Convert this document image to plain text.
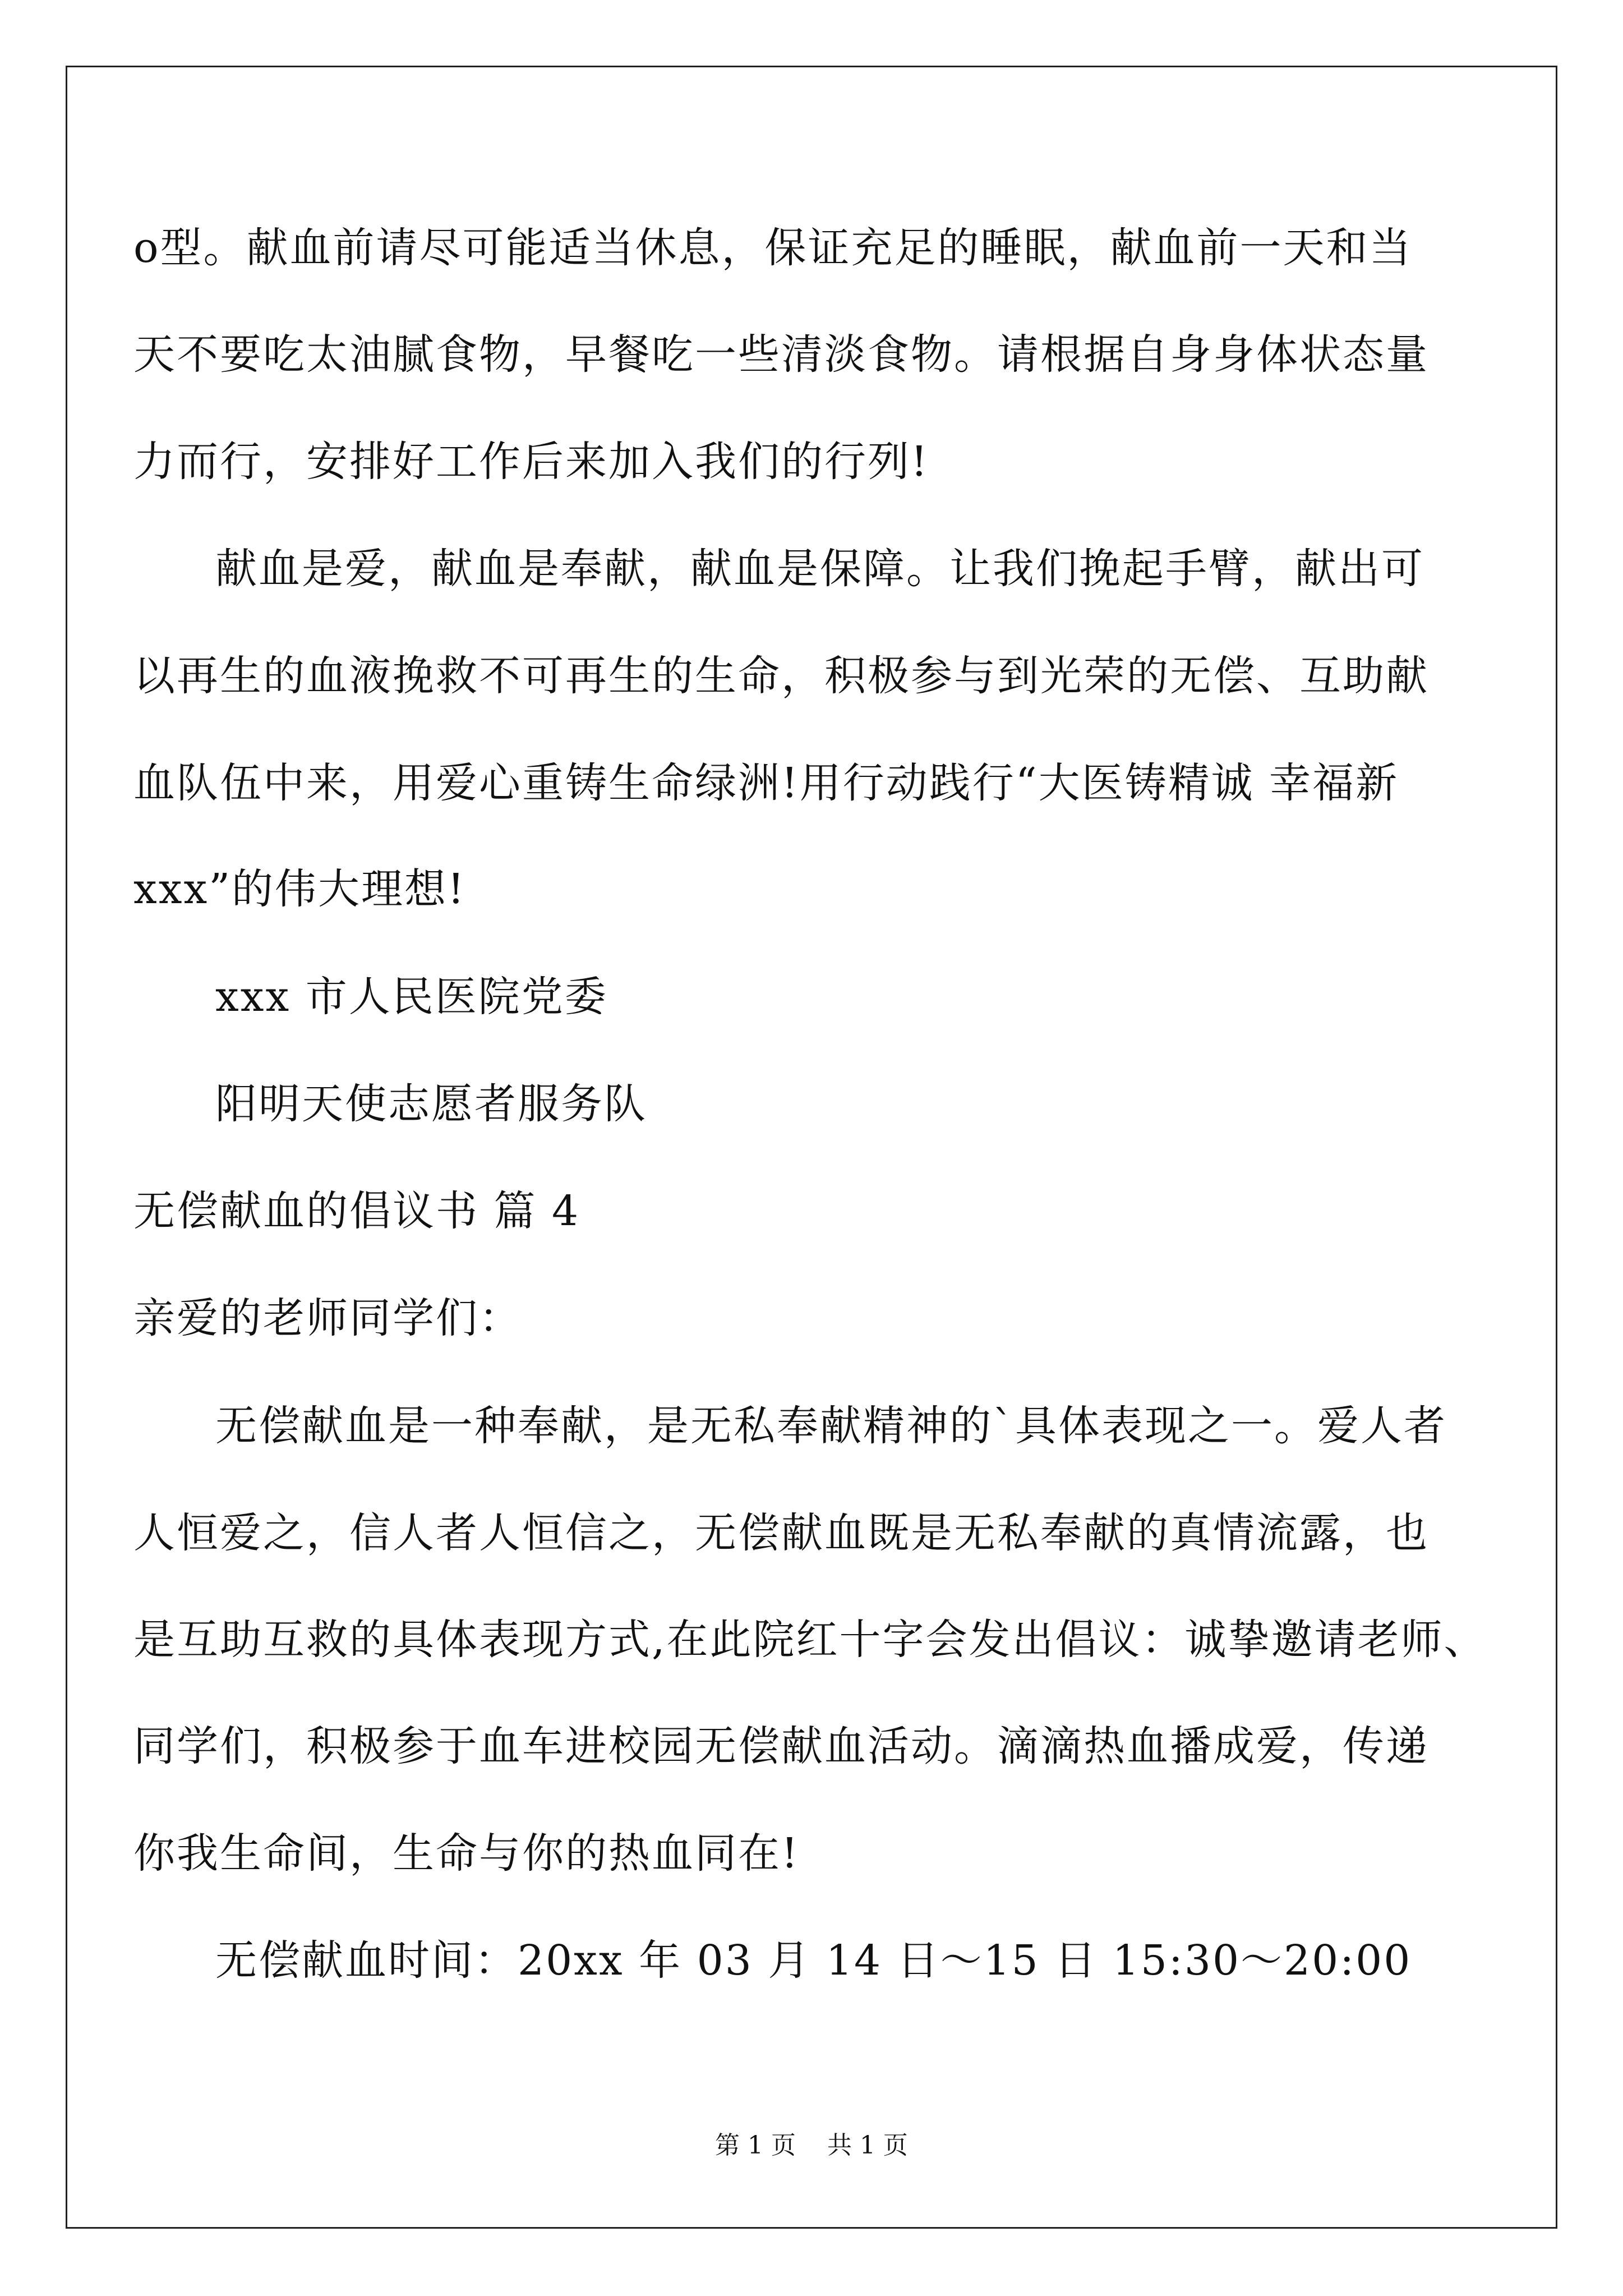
o型。献血前请尽可能适当休息，保证充足的睡眠，献血前一天和当
天不要吃太油腻食物，早餐吃一些清淡食物。请根据自身身体状态量
力而行，安排好工作后来加入我们的行列!
献血是爱，献血是奉献，献血是保障。让我们挽起手臂，献出可
以再生的血液挽救不可再生的生命，积极参与到光荣的无偿、互助献
血队伍中来，用爱心重铸生命绿洲!用行动践行“大医铸精诚 幸福新
xxx”的伟大理想!
xxx 市人民医院党委
阳明天使志愿者服务队
无偿献血的倡议书 篇 4
亲爱的老师同学们：
无偿献血是一种奉献，是无私奉献精神的`具体表现之一。爱人者
人恒爱之，信人者人恒信之，无偿献血既是无私奉献的真情流露，也
是互助互救的具体表现方式,在此院红十字会发出倡议：诚挚邀请老师、
同学们，积极参于血车进校园无偿献血活动。滴滴热血播成爱，传递
你我生命间，生命与你的热血同在!
无偿献血时间：20xx 年 03 月 14 日～15 日 15:30～20:00
第 1 页    共 1 页
